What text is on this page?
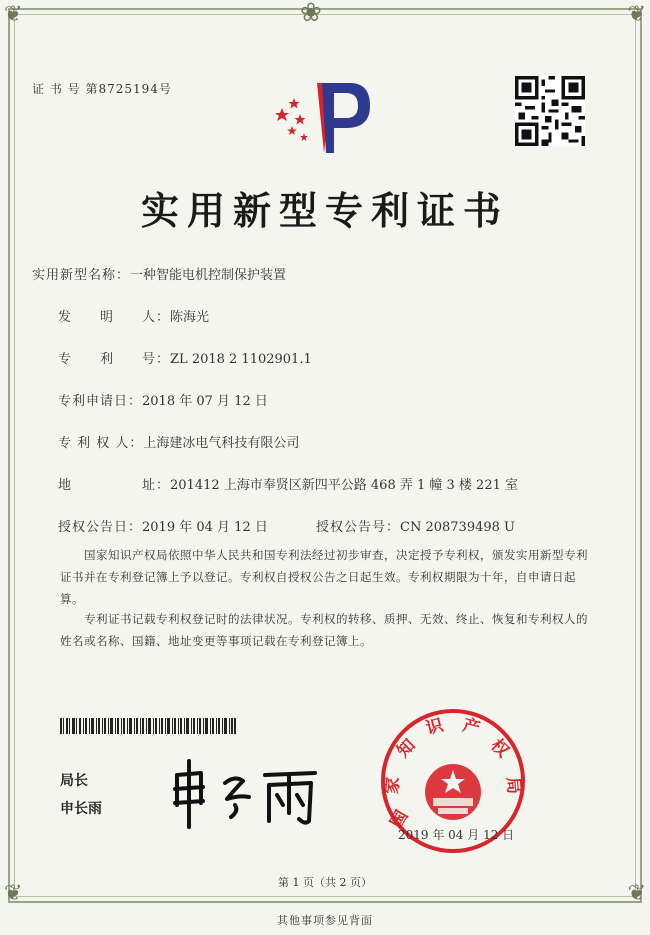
❦	❦
❦	❦
❀
证 书 号 第8725194号
实用新型专利证书
实用新型名称：一种智能电机控制保护装置
发　　明　　人：陈海光
专　　利　　号：ZL 2018 2 1102901.1
专利申请日：2018 年 07 月 12 日
专 利 权 人：上海建冰电气科技有限公司
地　　　　　址：201412 上海市奉贤区新四平公路 468 弄 1 幢 3 楼 221 室
授权公告日：2019 年 04 月 12 日	授权公告号：CN 208739498 U
国家知识产权局依照中华人民共和国专利法经过初步审查，决定授予专利权，颁发实用新型专利证书并在专利登记簿上予以登记。专利权自授权公告之日起生效。专利权期限为十年，自申请日起算。
专利证书记载专利权登记时的法律状况。专利权的转移、质押、无效、终止、恢复和专利权人的姓名或名称、国籍、地址变更等事项记载在专利登记簿上。
局长
申长雨	国
家
知
识 产
权
局
2019 年 04 月 12 日
第 1 页（共 2 页）
其他事项参见背面
